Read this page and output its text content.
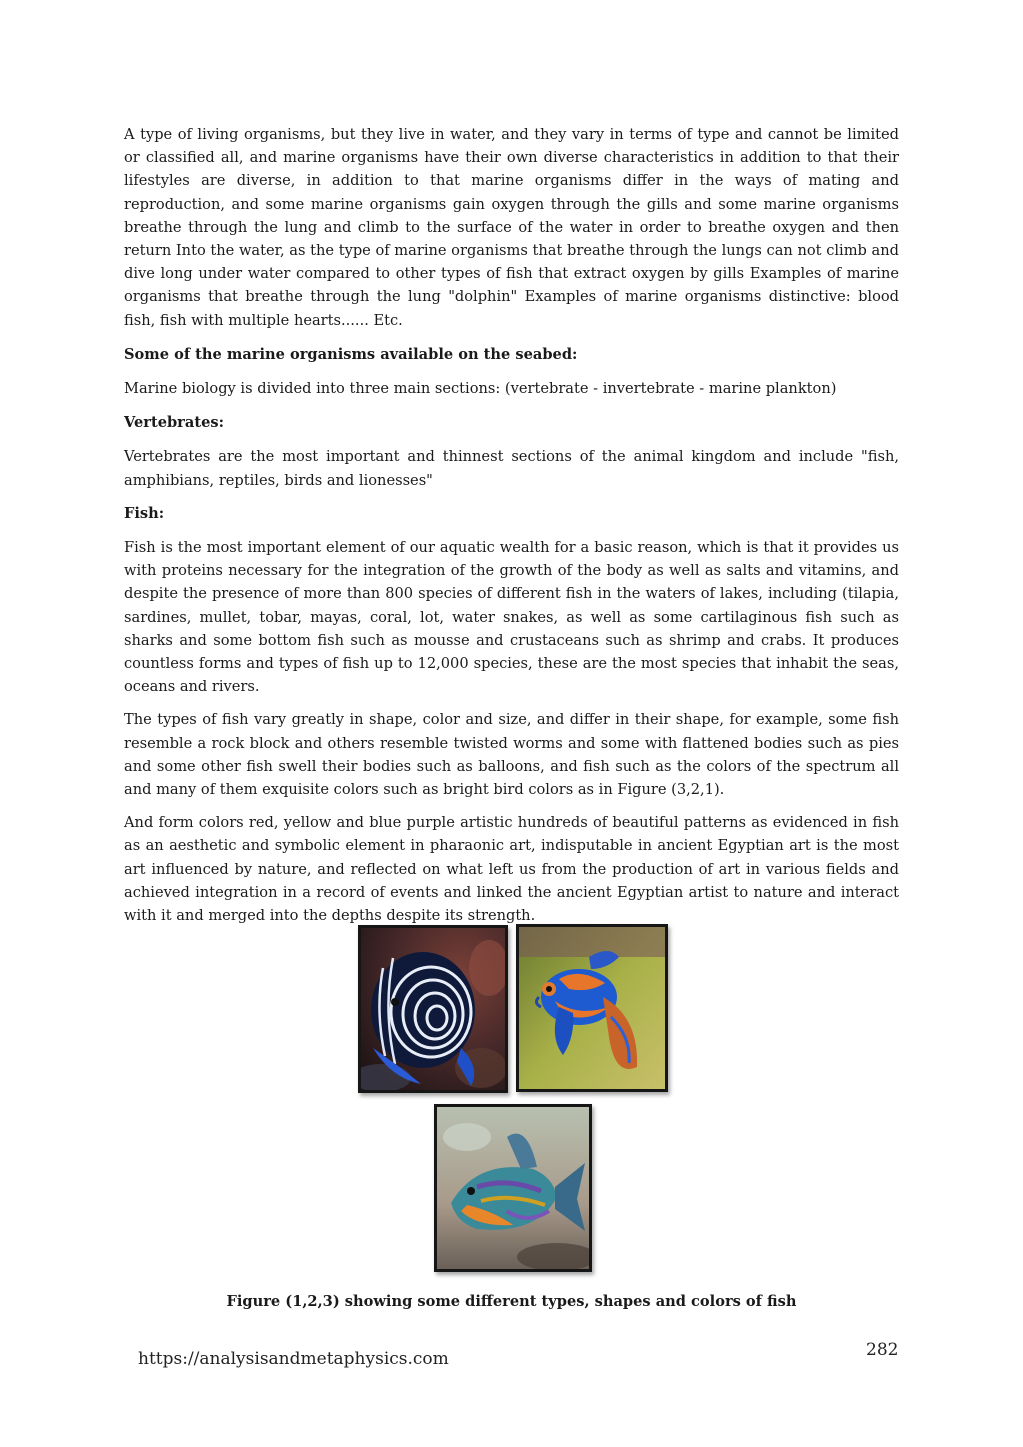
A type of living organisms, but they live in water, and they vary in terms of type and cannot be limited or classified all, and marine organisms have their own diverse characteristics in addition to that their lifestyles are diverse, in addition to that marine organisms differ in the ways of mating and reproduction, and some marine organisms gain oxygen through the gills and some marine organisms breathe through the lung and climb to the surface of the water in order to breathe oxygen and then return Into the water, as the type of marine organisms that breathe through the lungs can not climb and dive long under water compared to other types of fish that extract oxygen by gills Examples of marine organisms that breathe through the lung "dolphin" Examples of marine organisms distinctive: blood fish, fish with multiple hearts...... Etc.

Some of the marine organisms available on the seabed:

Marine biology is divided into three main sections: (vertebrate - invertebrate - marine plankton)

Vertebrates:

Vertebrates are the most important and thinnest sections of the animal kingdom and include "fish, amphibians, reptiles, birds and lionesses"

Fish:

Fish is the most important element of our aquatic wealth for a basic reason, which is that it provides us with proteins necessary for the integration of the growth of the body as well as salts and vitamins, and despite the presence of more than 800 species of different fish in the waters of lakes, including (tilapia, sardines, mullet, tobar, mayas, coral, lot, water snakes, as well as some cartilaginous fish such as sharks and some bottom fish such as mousse and crustaceans such as shrimp and crabs. It produces countless forms and types of fish up to 12,000 species, these are the most species that inhabit the seas, oceans and rivers.

The types of fish vary greatly in shape, color and size, and differ in their shape, for example, some fish resemble a rock block and others resemble twisted worms and some with flattened bodies such as pies and some other fish swell their bodies such as balloons, and fish such as the colors of the spectrum all and many of them exquisite colors such as bright bird colors as in Figure (3,2,1).

And form colors red, yellow and blue purple artistic hundreds of beautiful patterns as evidenced in fish as an aesthetic and symbolic element in pharaonic art, indisputable in ancient Egyptian art is the most art influenced by nature, and reflected on what left us from the production of art in various fields and achieved integration in a record of events and linked the ancient Egyptian artist to nature and interact with it and merged into the depths despite its strength.

Figure (1,2,3) showing some different types, shapes and colors of fish
https://analysisandmetaphysics.com	282
